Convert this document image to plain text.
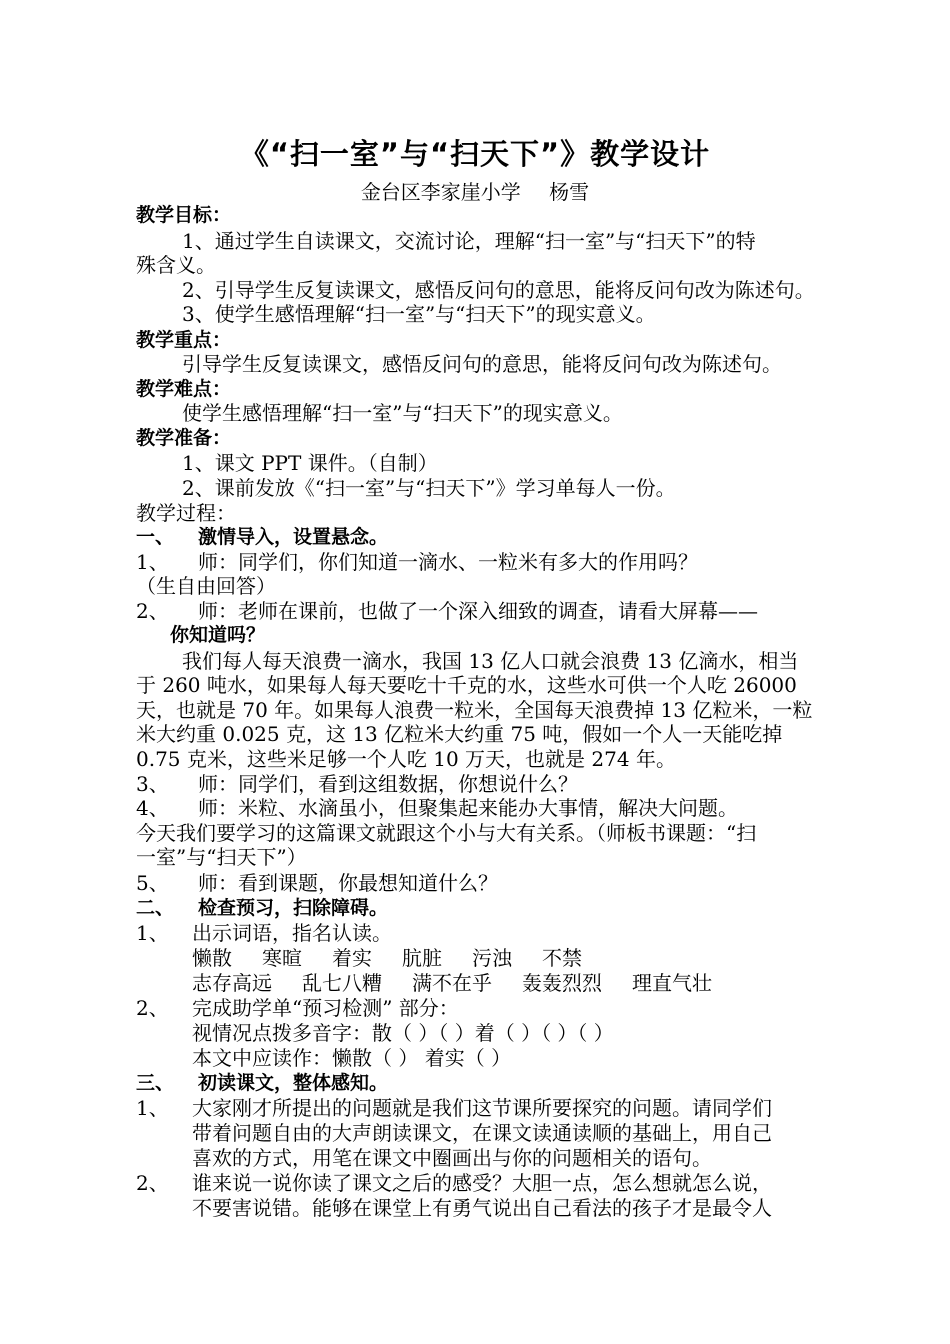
《“扫一室”与“扫天下”》教学设计
金台区李家崖小学 杨雪
教学目标：
1、通过学生自读课文，交流讨论，理解“扫一室”与“扫天下”的特
殊含义。
2、引导学生反复读课文，感悟反问句的意思，能将反问句改为陈述句。
3、使学生感悟理解“扫一室”与“扫天下”的现实意义。
教学重点：
引导学生反复读课文，感悟反问句的意思，能将反问句改为陈述句。
教学难点：
使学生感悟理解“扫一室”与“扫天下”的现实意义。
教学准备：
1、课文 PPT 课件。（自制）
2、课前发放《“扫一室”与“扫天下”》学习单每人一份。
教学过程：
一、 激情导入，设置悬念。
1、 师：同学们，你们知道一滴水、一粒米有多大的作用吗？
（生自由回答）
2、 师：老师在课前，也做了一个深入细致的调查，请看大屏幕——
你知道吗？
我们每人每天浪费一滴水，我国 13 亿人口就会浪费 13 亿滴水，相当
于 260 吨水，如果每人每天要吃十千克的水，这些水可供一个人吃 26000
天，也就是 70 年。如果每人浪费一粒米，全国每天浪费掉 13 亿粒米，一粒
米大约重 0.025 克，这 13 亿粒米大约重 75 吨，假如一个人一天能吃掉
0.75 克米，这些米足够一个人吃 10 万天，也就是 274 年。
3、 师：同学们，看到这组数据，你想说什么？
4、 师：米粒、水滴虽小，但聚集起来能办大事情，解决大问题。
今天我们要学习的这篇课文就跟这个小与大有关系。（师板书课题：“扫
一室”与“扫天下”）
5、 师：看到课题，你最想知道什么？
二、 检查预习，扫除障碍。
1、 出示词语，指名认读。
懒散 寒暄 着实 肮脏 污浊 不禁
志存高远 乱七八糟 满不在乎 轰轰烈烈 理直气壮
2、 完成助学单“预习检测” 部分：
视情况点拨多音字：散（ ）（ ）着（ ）（ ）（ ）
本文中应读作：懒散（ ） 着实（ ）
三、 初读课文，整体感知。
1、 大家刚才所提出的问题就是我们这节课所要探究的问题。请同学们
带着问题自由的大声朗读课文，在课文读通读顺的基础上，用自己
喜欢的方式，用笔在课文中圈画出与你的问题相关的语句。
2、 谁来说一说你读了课文之后的感受？大胆一点，怎么想就怎么说，
不要害说错。能够在课堂上有勇气说出自己看法的孩子才是最令人
